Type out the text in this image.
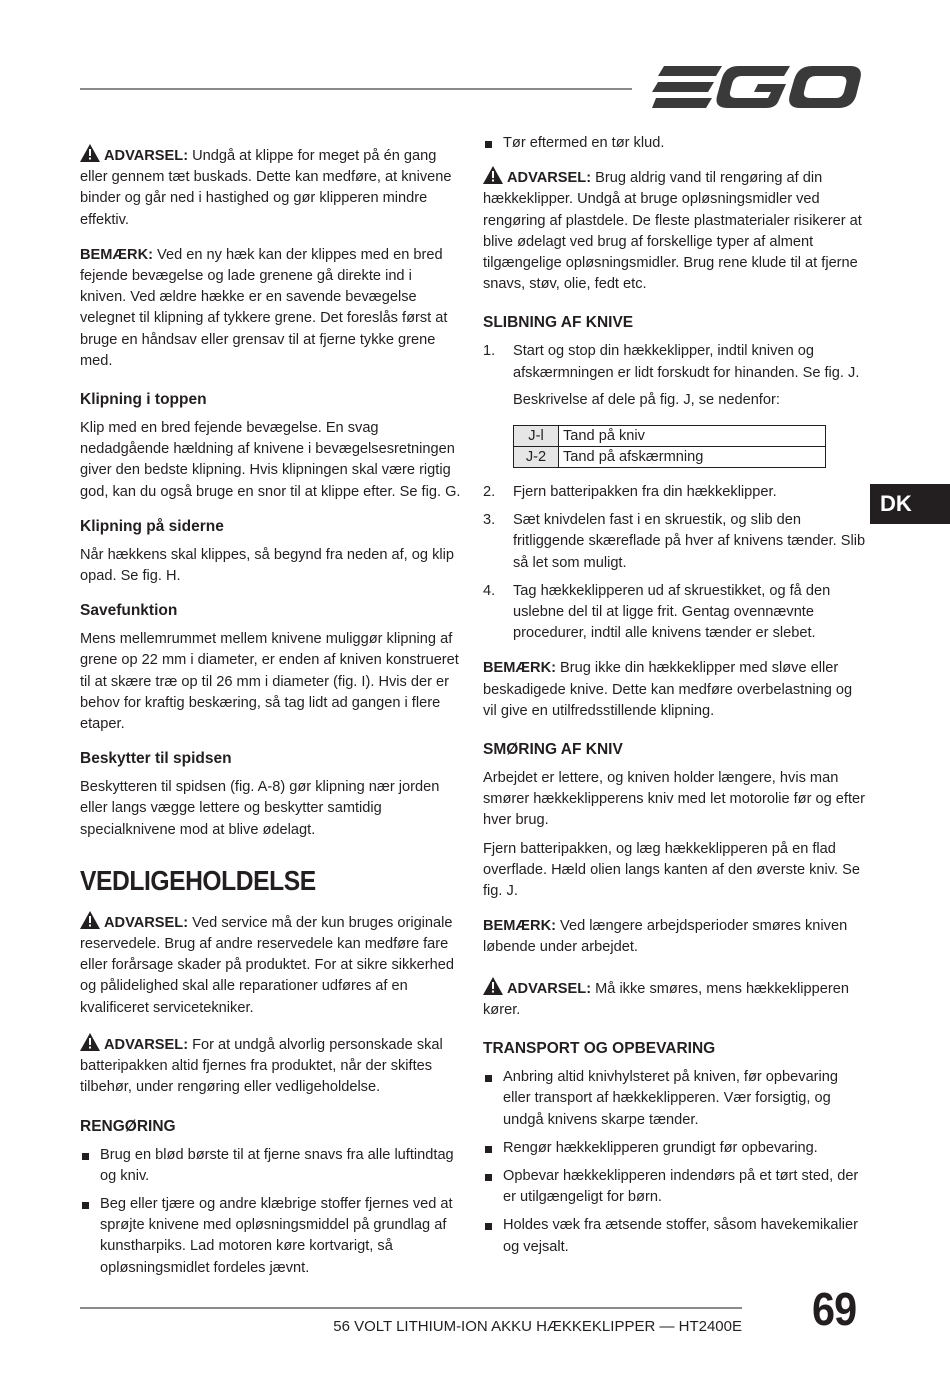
DK

ADVARSEL: Undgå at klippe for meget på én gang eller gennem tæt buskads. Dette kan medføre, at knivene binder og går ned i hastighed og gør klipperen mindre effektiv.

BEMÆRK: Ved en ny hæk kan der klippes med en bred fejende bevægelse og lade grenene gå direkte ind i kniven. Ved ældre hække er en savende bevægelse velegnet til klipning af tykkere grene. Det foreslås først at bruge en håndsav eller grensav til at fjerne tykke grene med.

Klipning i toppen

Klip med en bred fejende bevægelse. En svag nedadgående hældning af knivene i bevægelsesretningen giver den bedste klipning. Hvis klipningen skal være rigtig god, kan du også bruge en snor til at klippe efter. Se fig. G.

Klipning på siderne

Når hækkens skal klippes, så begynd fra neden af, og klip opad. Se fig. H.

Savefunktion

Mens mellemrummet mellem knivene muliggør klipning af grene op 22 mm i diameter, er enden af kniven konstrueret til at skære træ op til 26 mm i diameter (fig. I). Hvis der er behov for kraftig beskæring, så tag lidt ad gangen i flere etaper.

Beskytter til spidsen

Beskytteren til spidsen (fig. A-8) gør klipning nær jorden eller langs vægge lettere og beskytter samtidig specialknivene mod at blive ødelagt.

VEDLIGEHOLDELSE

ADVARSEL: Ved service må der kun bruges originale reservedele. Brug af andre reservedele kan medføre fare eller forårsage skader på produktet. For at sikre sikkerhed og pålidelighed skal alle reparationer udføres af en kvalificeret servicetekniker.

ADVARSEL: For at undgå alvorlig personskade skal batteripakken altid fjernes fra produktet, når der skiftes tilbehør, under rengøring eller vedligeholdelse.

RENGØRING
Brug en blød børste til at fjerne snavs fra alle luftindtag og kniv.
Beg eller tjære og andre klæbrige stoffer fjernes ved at sprøjte knivene med opløsningsmiddel på grundlag af kunstharpiks. Lad motoren køre kortvarigt, så opløsningsmidlet fordeles jævnt.
Tør eftermed en tør klud.

ADVARSEL: Brug aldrig vand til rengøring af din hækkeklipper. Undgå at bruge opløsningsmidler ved rengøring af plastdele. De fleste plastmaterialer risikerer at blive ødelagt ved brug af forskellige typer af alment tilgængelige opløsningsmidler. Brug rene klude til at fjerne snavs, støv, olie, fedt etc.

SLIBNING AF KNIVE
1. Start og stop din hækkeklipper, indtil kniven og afskærmningen er lidt forskudt for hinanden. Se fig. J.
Beskrivelse af dele på fig. J, se nedenfor:
J-l	Tand på kniv
J-2	Tand på afskærmning
2. Fjern batteripakken fra din hækkeklipper.
3. Sæt knivdelen fast i en skruestik, og slib den fritliggende skæreflade på hver af knivens tænder. Slib så let som muligt.
4. Tag hækkeklipperen ud af skruestikket, og få den uslebne del til at ligge frit. Gentag ovennævnte procedurer, indtil alle knivens tænder er slebet.

BEMÆRK: Brug ikke din hækkeklipper med sløve eller beskadigede knive. Dette kan medføre overbelastning og vil give en utilfredsstillende klipning.

SMØRING AF KNIV

Arbejdet er lettere, og kniven holder længere, hvis man smører hækkeklipperens kniv med let motorolie før og efter hver brug.

Fjern batteripakken, og læg hækkeklipperen på en flad overflade. Hæld olien langs kanten af den øverste kniv. Se fig. J.

BEMÆRK: Ved længere arbejdsperioder smøres kniven løbende under arbejdet.

ADVARSEL: Må ikke smøres, mens hækkeklipperen kører.

TRANSPORT OG OPBEVARING
Anbring altid knivhylsteret på kniven, før opbevaring eller transport af hækkeklipperen. Vær forsigtig, og undgå knivens skarpe tænder.
Rengør hækkeklipperen grundigt før opbevaring.
Opbevar hækkeklipperen indendørs på et tørt sted, der er utilgængeligt for børn.
Holdes væk fra ætsende stoffer, såsom havekemikalier og vejsalt.
56 VOLT LITHIUM-ION AKKU HÆKKEKLIPPER — HT2400E 69
